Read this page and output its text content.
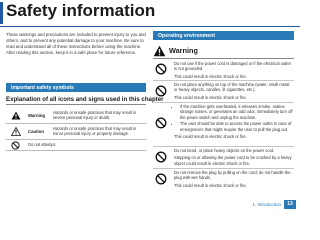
Safety information
These warnings and precautions are included to prevent injury to you and others, and to prevent any potential damage to your machine. Be sure to read and understand all of these instructions before using the machine. After reading this section, keep it in a safe place for future reference.
Important safety symbols
Explanation of all icons and signs used in this chapter
Warning
Hazards or unsafe practices that may result in severe personal injury or death.
Caution
Hazards or unsafe practices that may result in minor personal injury or property damage.
Do not attempt.
Operating environment
Warning

Do not use if the power cord is damaged or if the electrical outlet is not grounded.

This could result in electric shock or fire.

Do not place anything on top of the machine (water, small metal or heavy objects, candles, lit cigarettes, etc.).

This could result in electric shock or fire.

• If the machine gets overheated, it releases smoke, makes strange noises, or generates an odd odor, immediately turn off the power switch and unplug the machine.
• The user should be able to access the power outlet in case of emergencies that might require the user to pull the plug out.

This could result in electric shock or fire.

Do not bend, or place heavy objects on the power cord.

Stepping on or allowing the power cord to be crushed by a heavy object could result in electric shock or fire.

Do not remove the plug by pulling on the cord; do not handle the plug with wet hands.

This could result in electric shock or fire.

1. Introduction	13
